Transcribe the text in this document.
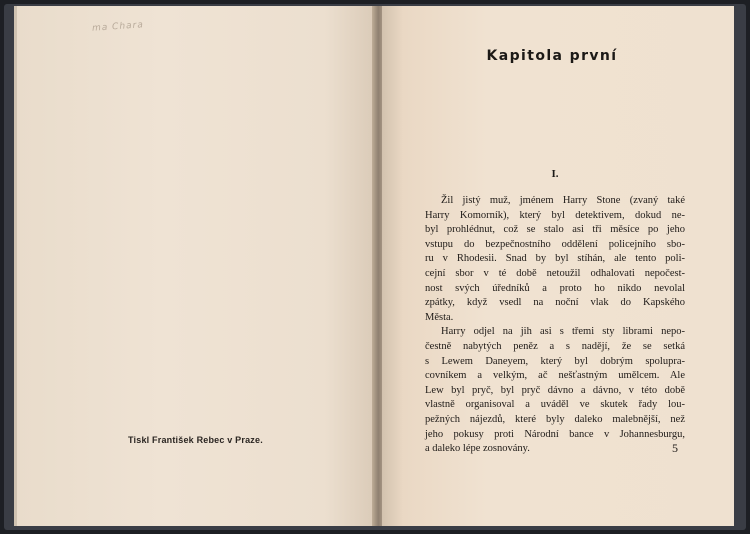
ma Chara
Tiskl František Rebec v Praze.
Kapitola první
I.
Žil jistý muž, jménem Harry Stone (zvaný také
Harry Komorník), který byl detektivem, dokud ne-
byl prohlédnut, což se stalo asi tři měsíce po jeho
vstupu do bezpečnostního oddělení policejního sbo-
ru v Rhodesii. Snad by byl stíhán, ale tento poli-
cejní sbor v té době netoužil odhalovati nepočest-
nost svých úředníků a proto ho nikdo nevolal
zpátky, když vsedl na noční vlak do Kapského
Města.
Harry odjel na jih asi s třemi sty librami nepo-
čestně nabytých peněz a s nadějí, že se setká
s Lewem Daneyem, který byl dobrým spolupra-
covníkem a velkým, ač nešťastným umělcem. Ale
Lew byl pryč, byl pryč dávno a dávno, v této době
vlastně organisoval a uváděl ve skutek řady lou-
pežných nájezdů, které byly daleko malebnější, než
jeho pokusy proti Národní bance v Johannesburgu,
a daleko lépe zosnovány.	5
